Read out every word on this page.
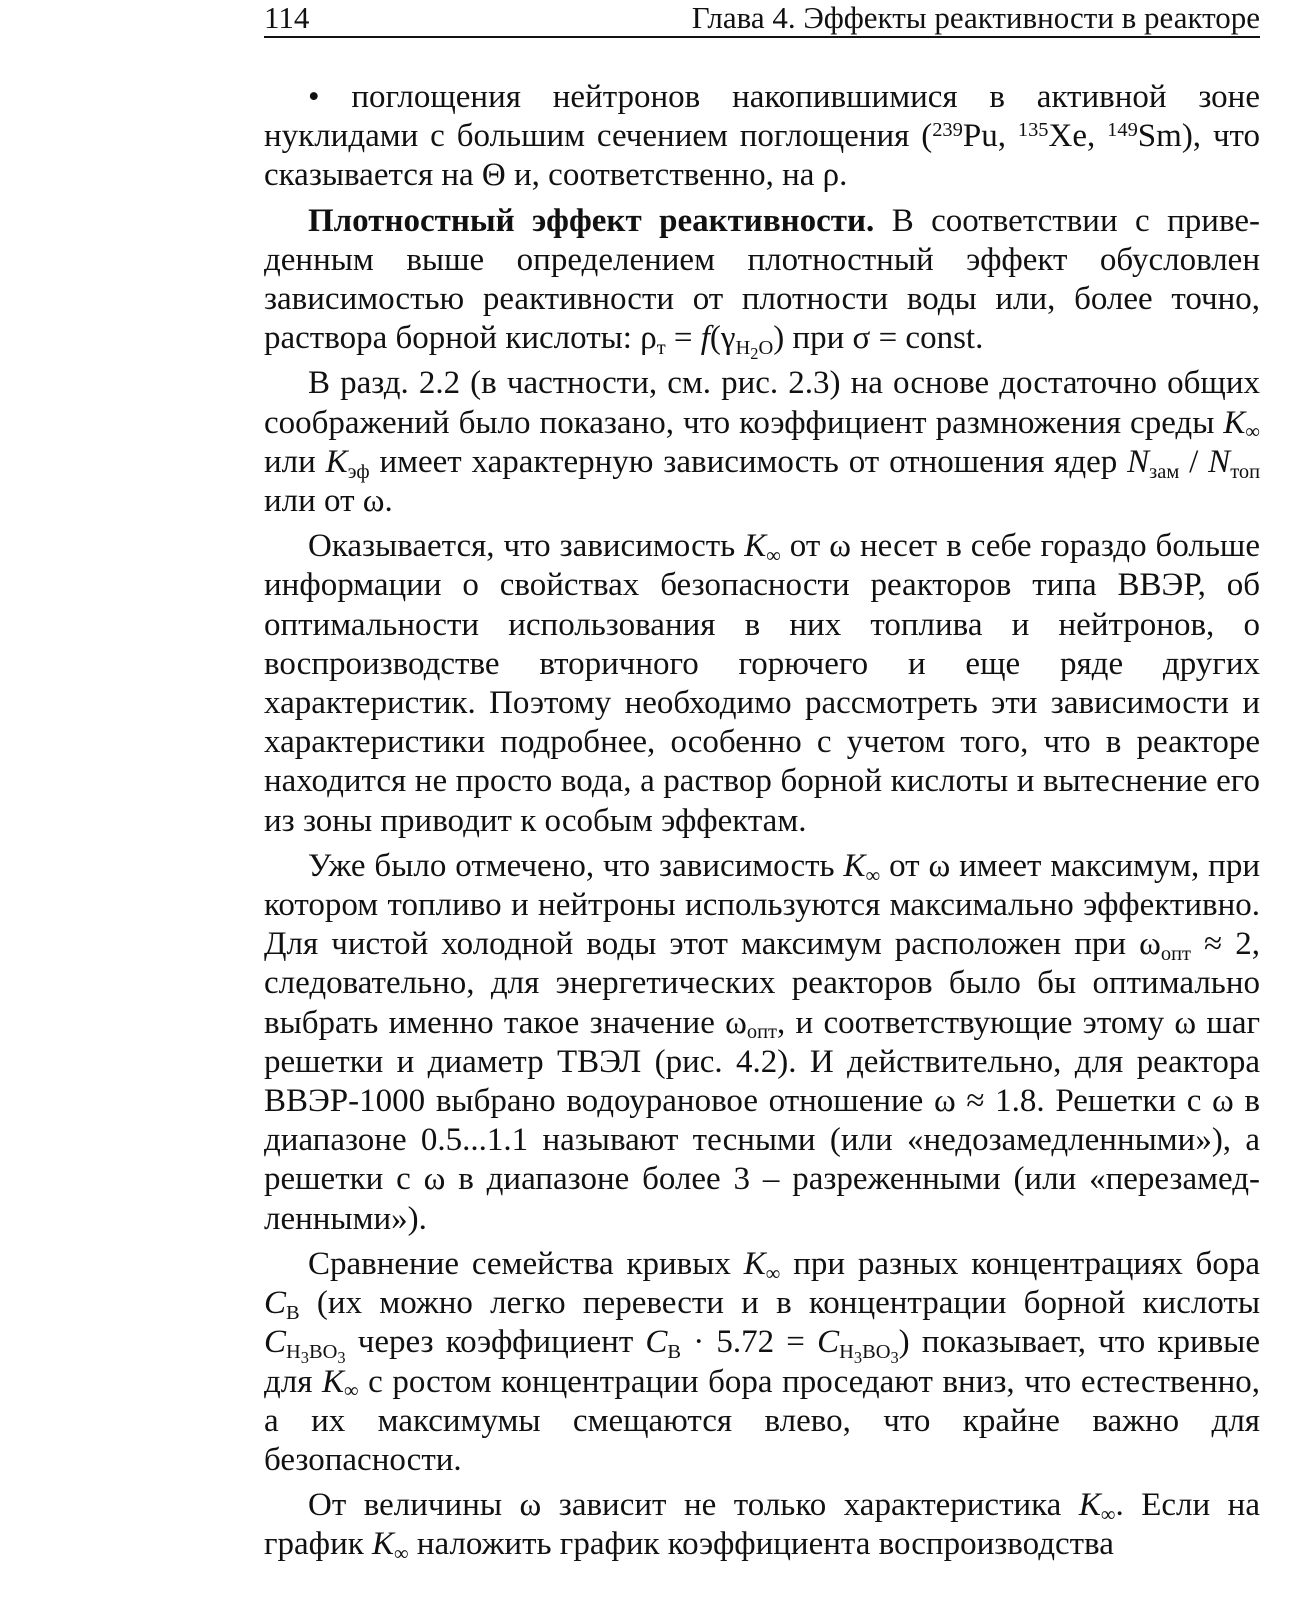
114	Глава 4. Эффекты реактивности в реакторе

• поглощения нейтронов накопившимися в активной зоне нуклидами с большим сечением поглощения ($^{239}$Pu, $^{135}$Xe, $^{149}$Sm), что сказывается на Θ и, соответственно, на ρ.

Плотностный эффект реактивности. В соответствии с приведенным выше определением плотностный эффект обусловлен зависимостью реактивности от плотности воды или, более точно, раствора борной кислоты: $\rho_т = f(\gamma_{H_2O})$ при σ = const.

В разд. 2.2 (в частности, см. рис. 2.3) на основе достаточно общих соображений было показано, что коэффициент размножения среды $K_\infty$ или $K_{эф}$ имеет характерную зависимость от отношения ядер $N_{зам} / N_{топ}$ или от ω.

Оказывается, что зависимость $K_\infty$ от ω несет в себе гораздо больше информации о свойствах безопасности реакторов типа ВВЭР, об оптимальности использования в них топлива и нейтронов, о воспроизводстве вторичного горючего и еще ряде других характеристик. Поэтому необходимо рассмотреть эти зависимости и характеристики подробнее, особенно с учетом того, что в реакторе находится не просто вода, а раствор борной кислоты и вытеснение его из зоны приводит к особым эффектам.

Уже было отмечено, что зависимость $K_\infty$ от ω имеет максимум, при котором топливо и нейтроны используются максимально эффективно. Для чистой холодной воды этот максимум расположен при $\omega_{опт} \approx 2$, следовательно, для энергетических реакторов было бы оптимально выбрать именно такое значение $\omega_{опт}$, и соответствующие этому ω шаг решетки и диаметр ТВЭЛ (рис. 4.2). И действительно, для реактора ВВЭР-1000 выбрано водоурановое отношение ω ≈ 1.8. Решетки с ω в диапазоне 0.5...1.1 называют тесными (или «недозамедленными»), а решетки с ω в диапазоне более 3 – разреженными (или «перезамедленными»).

Сравнение семейства кривых $K_\infty$ при разных концентрациях бора $C_B$ (их можно легко перевести и в концентрации борной кислоты $C_{H_3BO_3}$ через коэффициент $C_B \cdot 5.72 = C_{H_3BO_3}$) показывает, что кривые для $K_\infty$ с ростом концентрации бора проседают вниз, что естественно, а их максимумы смещаются влево, что крайне важно для безопасности.

От величины ω зависит не только характеристика $K_\infty$. Если на график $K_\infty$ наложить график коэффициента воспроизводства
